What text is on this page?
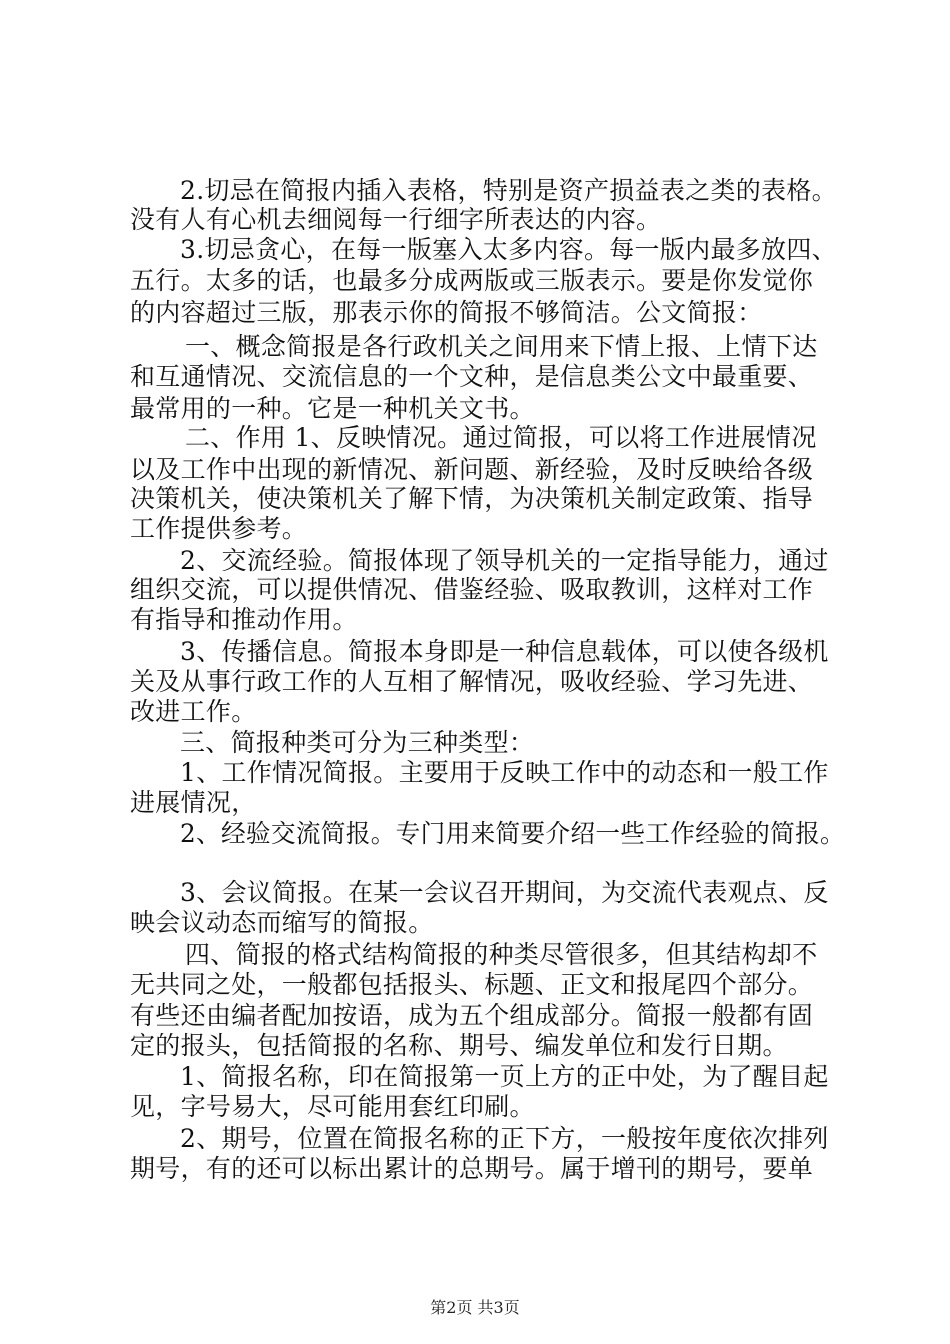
2.切忌在简报内插入表格，特别是资产损益表之类的表格。
没有人有心机去细阅每一行细字所表达的内容。
3.切忌贪心，在每一版塞入太多内容。每一版内最多放四、
五行。太多的话，也最多分成两版或三版表示。要是你发觉你
的内容超过三版，那表示你的简报不够简洁。公文简报：
一、概念简报是各行政机关之间用来下情上报、上情下达
和互通情况、交流信息的一个文种，是信息类公文中最重要、
最常用的一种。它是一种机关文书。
二、作用 1、反映情况。通过简报，可以将工作进展情况
以及工作中出现的新情况、新问题、新经验，及时反映给各级
决策机关，使决策机关了解下情，为决策机关制定政策、指导
工作提供参考。
2、交流经验。简报体现了领导机关的一定指导能力，通过
组织交流，可以提供情况、借鉴经验、吸取教训，这样对工作
有指导和推动作用。
3、传播信息。简报本身即是一种信息载体，可以使各级机
关及从事行政工作的人互相了解情况，吸收经验、学习先进、
改进工作。
三、简报种类可分为三种类型：
1、工作情况简报。主要用于反映工作中的动态和一般工作
进展情况，
2、经验交流简报。专门用来简要介绍一些工作经验的简报。
3、会议简报。在某一会议召开期间，为交流代表观点、反
映会议动态而缩写的简报。
四、简报的格式结构简报的种类尽管很多，但其结构却不
无共同之处，一般都包括报头、标题、正文和报尾四个部分。
有些还由编者配加按语，成为五个组成部分。简报一般都有固
定的报头，包括简报的名称、期号、编发单位和发行日期。
1、简报名称，印在简报第一页上方的正中处，为了醒目起
见，字号易大，尽可能用套红印刷。
2、期号，位置在简报名称的正下方，一般按年度依次排列
期号，有的还可以标出累计的总期号。属于增刊的期号，要单
第2页 共3页
